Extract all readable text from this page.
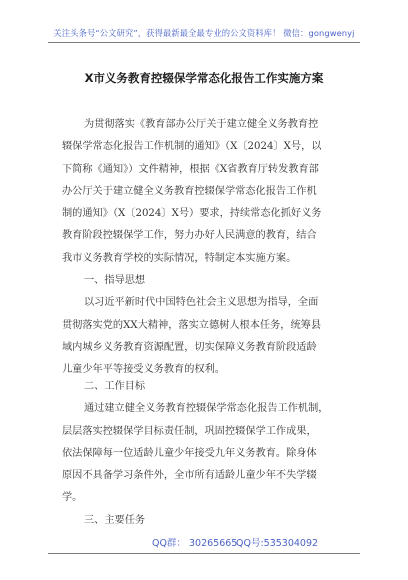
关注头条号“公文研究”，获得最新最全最专业的公文资料库！ 微信：gongwenyj
X市义务教育控辍保学常态化报告工作实施方案
为贯彻落实《教育部办公厅关于建立健全义务教育控
辍保学常态化报告工作机制的通知》（X〔2024〕X号，以
下简称《通知》）文件精神，根据《X省教育厅转发教育部
办公厅关于建立健全义务教育控辍保学常态化报告工作机
制的通知》（X〔2024〕X号）要求，持续常态化抓好义务
教育阶段控辍保学工作，努力办好人民满意的教育，结合
我市义务教育学校的实际情况，特制定本实施方案。
一、指导思想
以习近平新时代中国特色社会主义思想为指导，全面
贯彻落实党的XX大精神，落实立德树人根本任务，统筹县
域内城乡义务教育资源配置，切实保障义务教育阶段适龄
儿童少年平等接受义务教育的权利。
二、工作目标
通过建立健全义务教育控辍保学常态化报告工作机制，
层层落实控辍保学目标责任制，巩固控辍保学工作成果，
依法保障每一位适龄儿童少年接受九年义务教育。除身体
原因不具备学习条件外，全市所有适龄儿童少年不失学辍
学。
三、主要任务
QQ群： 30265665
QQ号:535304092
